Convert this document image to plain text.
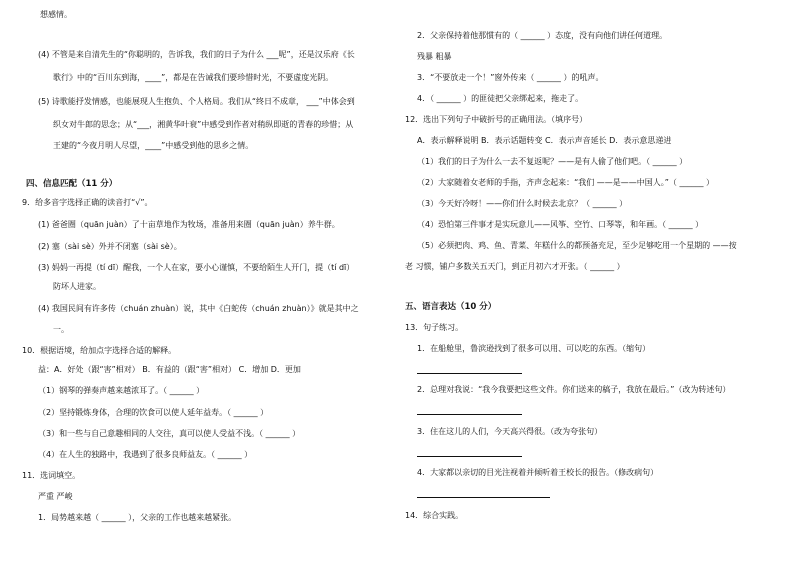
想感情。
(4) 不管是来自清先生的“你聪明的，告诉我，我们的日子为什么 ___呢”，还是汉乐府《长
歌行》中的“百川东到海，____”，都是在告诫我们要珍惜时光，不要虚度光阴。
(5) 诗歌能抒发情感，也能展现人生抱负、个人格局。我们从“终日不成章， ___”中体会到
织女对牛郎的思念；从“___，湘黄华叶衰”中感受到作者对稍纵即逝的青春的珍惜；从
王建的“今夜月明人尽望，____”中感受到他的思乡之情。
四、信息匹配（11 分）
9．给多音字选择正确的读音打“√”。
(1) 爸爸圈（quān juàn）了十亩草地作为牧场，准备用来圈（quān juàn）养牛群。
(2) 塞（sài sè）外并不闭塞（sài sè）。
(3) 妈妈一再提（tí dī）醒我，一个人在家，要小心谨慎，不要给陌生人开门，提（tí dī）
防坏人进家。
(4) 我国民间有许多传（chuán zhuàn）说，其中《白蛇传（chuán zhuàn）》就是其中之
一。
10．根据语境，给加点字选择合适的解释。
益：A．好处（跟“害”相对） B．有益的（跟“害”相对） C．增加 D．更加
（1）钢琴的弹奏声越来越浓耳了。（ ______ ）
（2）坚持锻炼身体，合理的饮食可以使人延年益寿。（ ______ ）
（3）和一些与自己意趣相同的人交往，真可以使人受益不浅。（ ______ ）
（4）在人生的独路中，我遇到了很多良师益友。（ ______ ）
11．选词填空。
严重 严峻
1．局势越来越（ ______ ），父亲的工作也越来越紧张。
2．父亲保持着他那惯有的（ ______ ）态度，没有向他们讲任何道理。
残暴 粗暴
3．“不要放走一个！”窗外传来（ ______ ）的吼声。
4．（ ______ ）的匪徒把父亲绑起来，拖走了。
12．选出下列句子中破折号的正确用法。（填序号）
A．表示解释说明 B．表示话题转变 C．表示声音延长 D．表示意思递进
（1）我们的日子为什么一去不复返呢？——是有人偷了他们吧。（ ______ ）
（2）大家随着女老师的手指，齐声念起来：“我们 ——是——中国人。”（ ______ ）
（3）今天好冷呀！——你们什么时候去北京？（ ______ ）
（4）恐怕第三件事才是实玩意儿——风筝、空竹、口琴等，和年画。（ ______ ）
（5）必须把肉、鸡、鱼、青菜、年糕什么的都预备充足，至少足够吃用一个星期的 ——按
老 习惯，铺户多数关五天门，到正月初六才开张。（ ______ ）
五、语言表达（10 分）
13．句子练习。
1．在船舱里，鲁滨逊找到了很多可以用、可以吃的东西。（缩句）
2．总理对我说：“我今我要把这些文件。你们送来的稿子，我放在最后。”（改为转述句）
3．住在这儿的人们，今天高兴得很。（改为夸张句）
4．大家都以亲切的目光注视着并倾听着王校长的报告。（修改病句）
14．综合实践。
